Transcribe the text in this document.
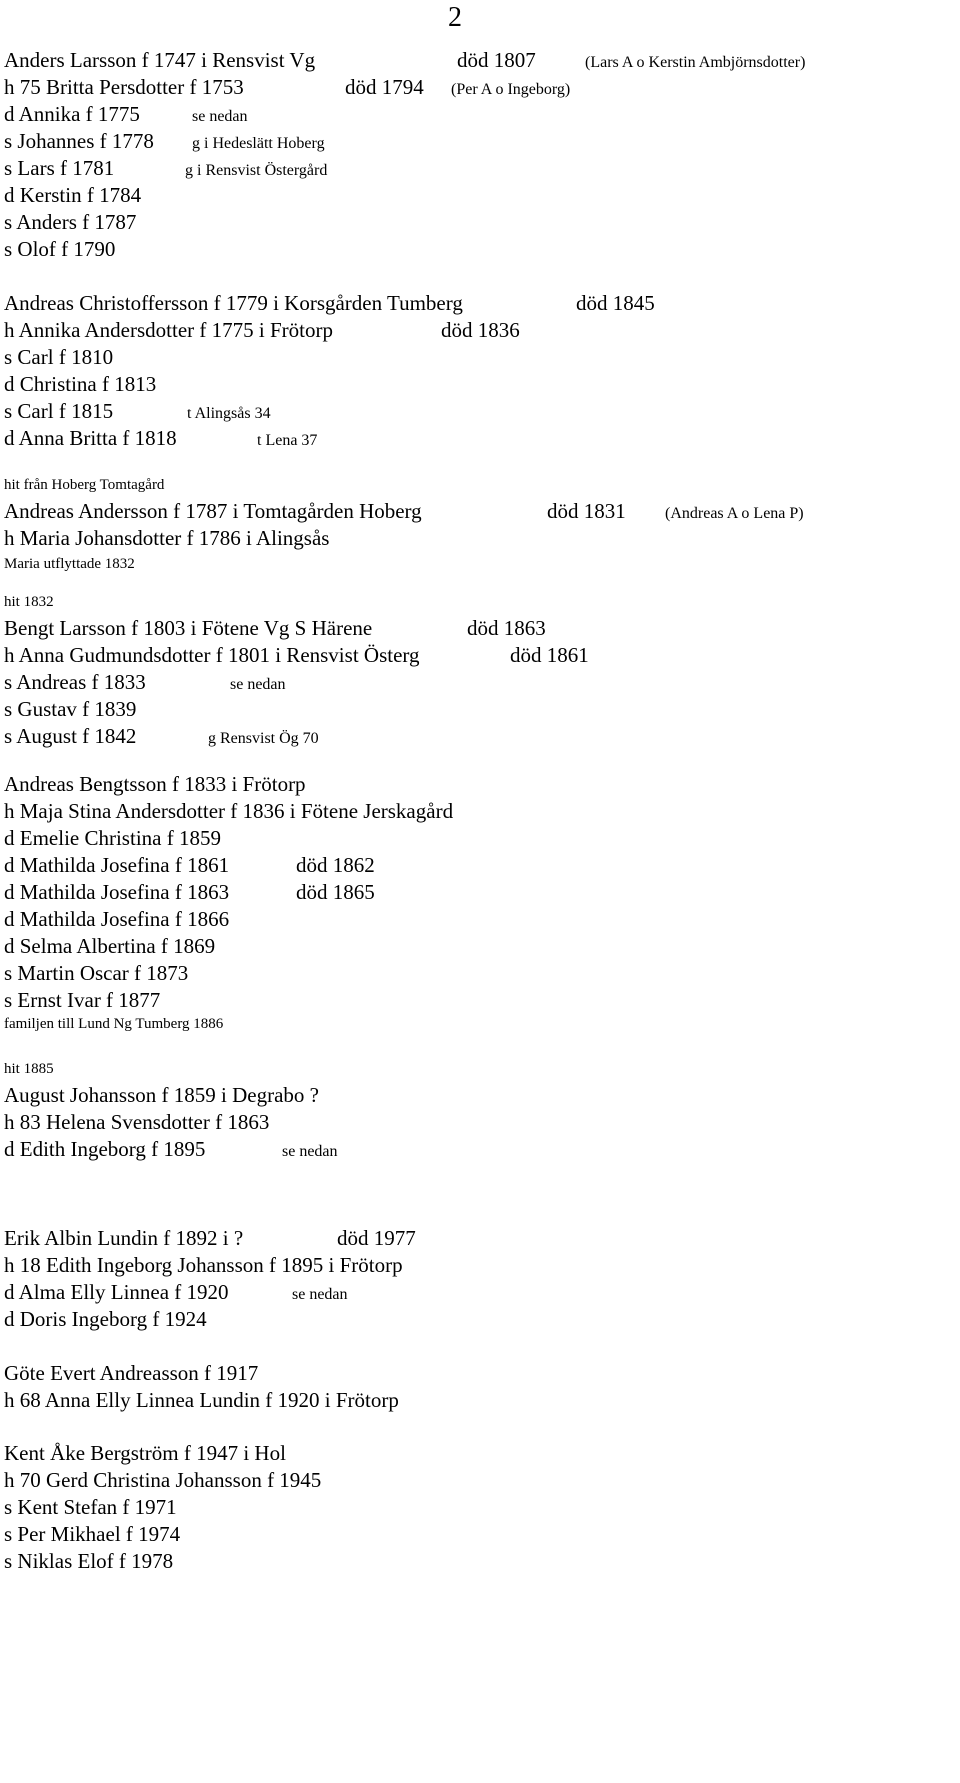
2
Anders Larsson f 1747 i Rensvist Vg	död 1807	(Lars A o Kerstin Ambjörnsdotter)
h 75 Britta Persdotter f 1753	död 1794 (Per A o Ingeborg)
d Annika f 1775	se nedan
s Johannes f 1778 g i Hedeslätt Hoberg
s Lars f 1781	g i Rensvist Östergård
d Kerstin f 1784
s Anders f 1787
s Olof f 1790
Andreas Christoffersson f 1779 i Korsgården Tumberg	död 1845
h Annika Andersdotter f 1775 i Frötorp	död 1836
s Carl f 1810
d Christina f 1813
s Carl f 1815	t Alingsås 34
d Anna Britta f 1818	t Lena 37
hit från Hoberg Tomtagård
Andreas Andersson f 1787 i Tomtagården Hoberg	död 1831 (Andreas A o Lena P)
h Maria Johansdotter f 1786 i Alingsås
Maria utflyttade 1832
hit 1832
Bengt Larsson f 1803 i Fötene Vg S Härene	död 1863
h Anna Gudmundsdotter f 1801 i Rensvist Österg	död 1861
s Andreas f 1833	se nedan
s Gustav f 1839
s August f 1842	g Rensvist Ög 70
Andreas Bengtsson f 1833 i Frötorp
h Maja Stina Andersdotter f 1836 i Fötene Jerskagård
d Emelie Christina f 1859
d Mathilda Josefina f 1861	död 1862
d Mathilda Josefina f 1863	död 1865
d Mathilda Josefina f 1866
d Selma Albertina f 1869
s Martin Oscar f 1873
s Ernst Ivar f 1877
familjen till Lund Ng Tumberg 1886
hit 1885
August Johansson f 1859 i Degrabo ?
h 83 Helena Svensdotter f 1863
d Edith Ingeborg f 1895	se nedan
Erik Albin Lundin f 1892 i ?	död 1977
h 18 Edith Ingeborg Johansson f 1895 i Frötorp
d Alma Elly Linnea f 1920	se nedan
d Doris Ingeborg f 1924
Göte Evert Andreasson f 1917
h 68 Anna Elly Linnea Lundin f 1920 i Frötorp
Kent Åke Bergström f 1947 i Hol
h 70 Gerd Christina Johansson f 1945
s Kent Stefan f 1971
s Per Mikhael f 1974
s Niklas Elof f 1978
